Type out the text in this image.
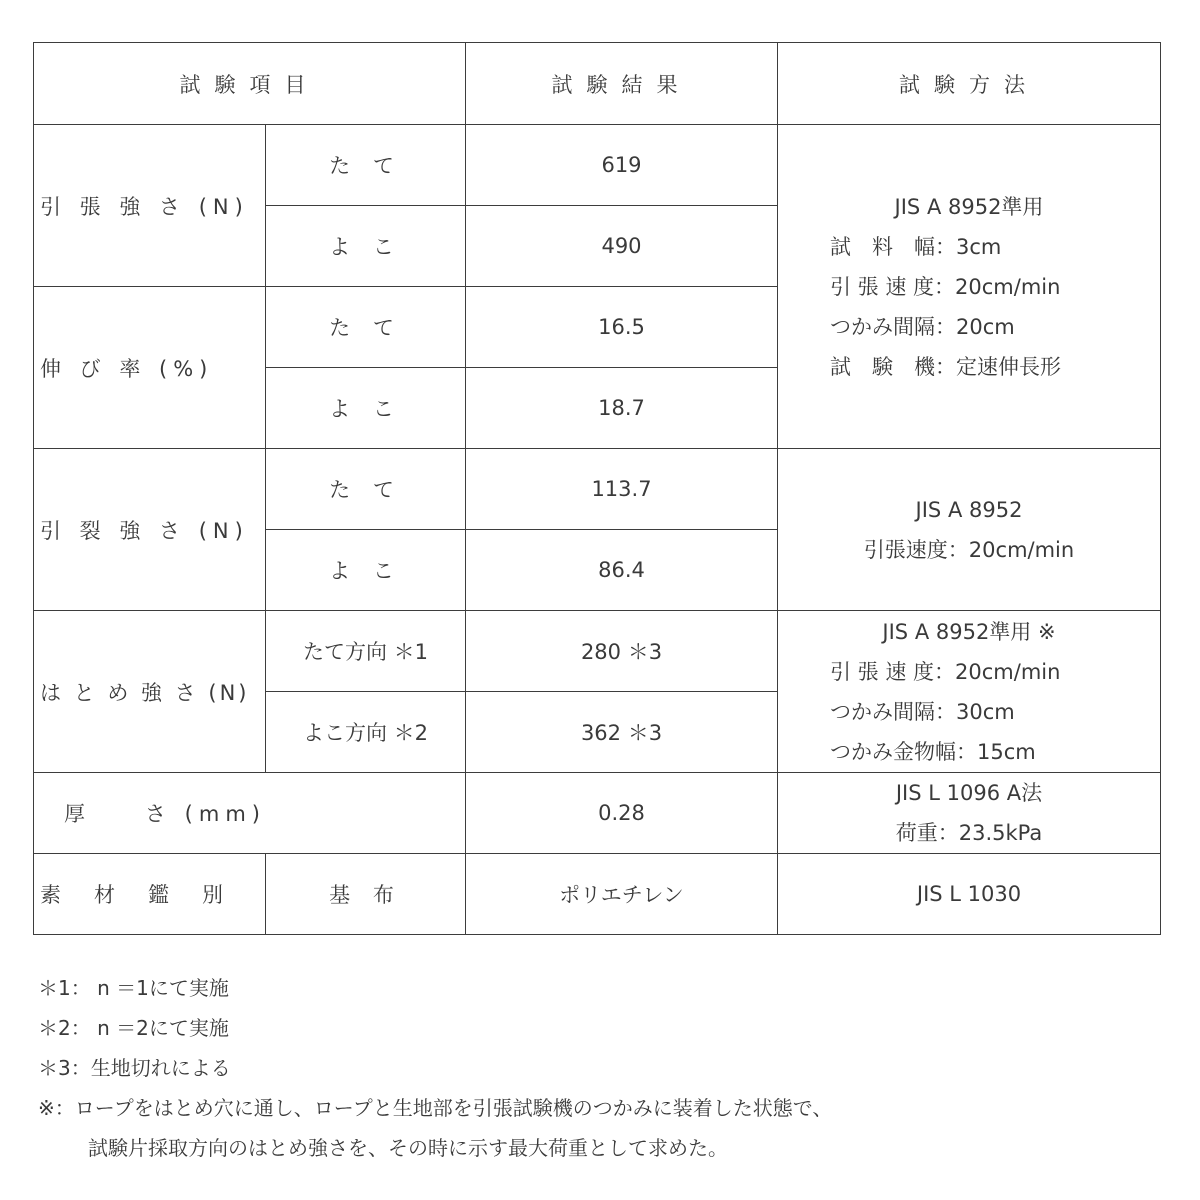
試験項目		試験結果	試験方法
引 張 強 さ (N)	た て	619	JIS A 8952準用
試　料　幅：3cm
引 張 速 度：20cm/min
つかみ間隔：20cm
試　験　機：定速伸長形

	よ こ	490	
伸 び 率 (%)	た て	16.5	
	よ こ	18.7	
引 裂 強 さ (N)	た て	113.7	JIS A 8952
引張速度：20cm/min

	よ こ	86.4	
は と め 強 さ (N)	たて方向 ＊1	280 ＊3	JIS A 8952準用 ※
引 張 速 度：20cm/min
つかみ間隔：30cm
つかみ金物幅：15cm

	よこ方向 ＊2	362 ＊3	
厚　　さ (mm)		0.28	JIS L 1096 A法
荷重：23.5kPa

素　材　鑑　別	基 布	ポリエチレン	JIS L 1030
＊1： n ＝1にて実施
＊2： n ＝2にて実施
＊3：生地切れによる
※：ロープをはとめ穴に通し、ロープと生地部を引張試験機のつかみに装着した状態で、
試験片採取方向のはとめ強さを、その時に示す最大荷重として求めた。
